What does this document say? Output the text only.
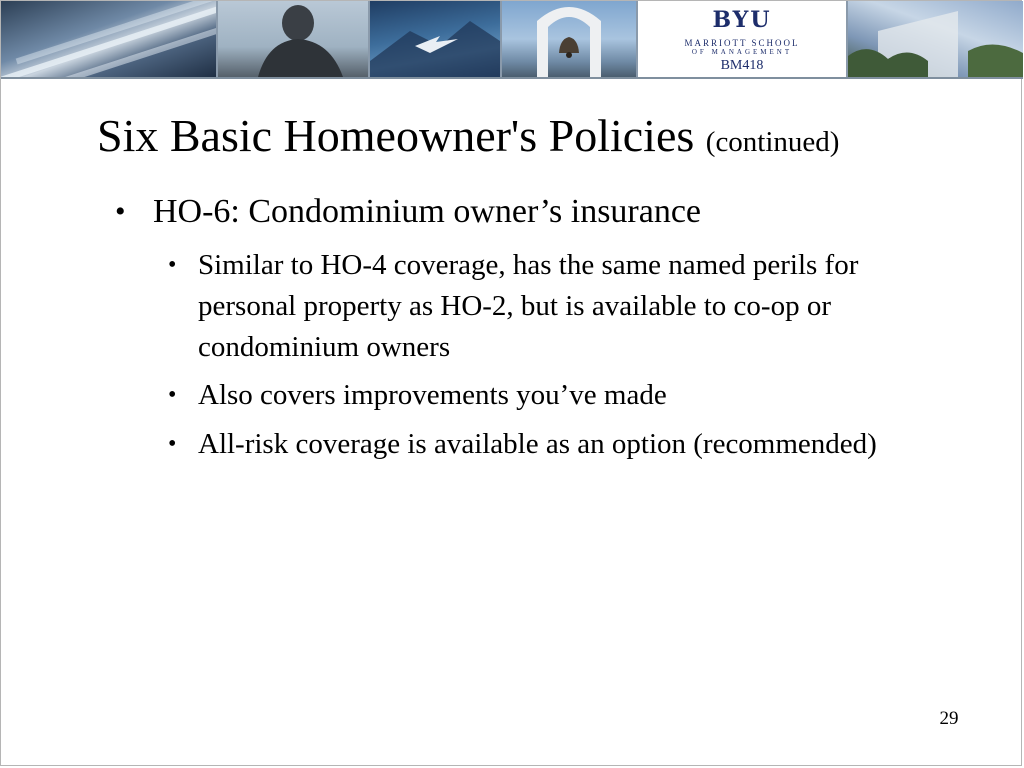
BYU
MARRIOTT SCHOOL
OF MANAGEMENT
BM418
Six Basic Homeowner's Policies (continued)
• HO-6: Condominium owner’s insurance
• Similar to HO-4 coverage, has the same named perils for personal property as HO-2, but is available to co-op or condominium owners
• Also covers improvements you’ve made
• All-risk coverage is available as an option (recommended)
29
